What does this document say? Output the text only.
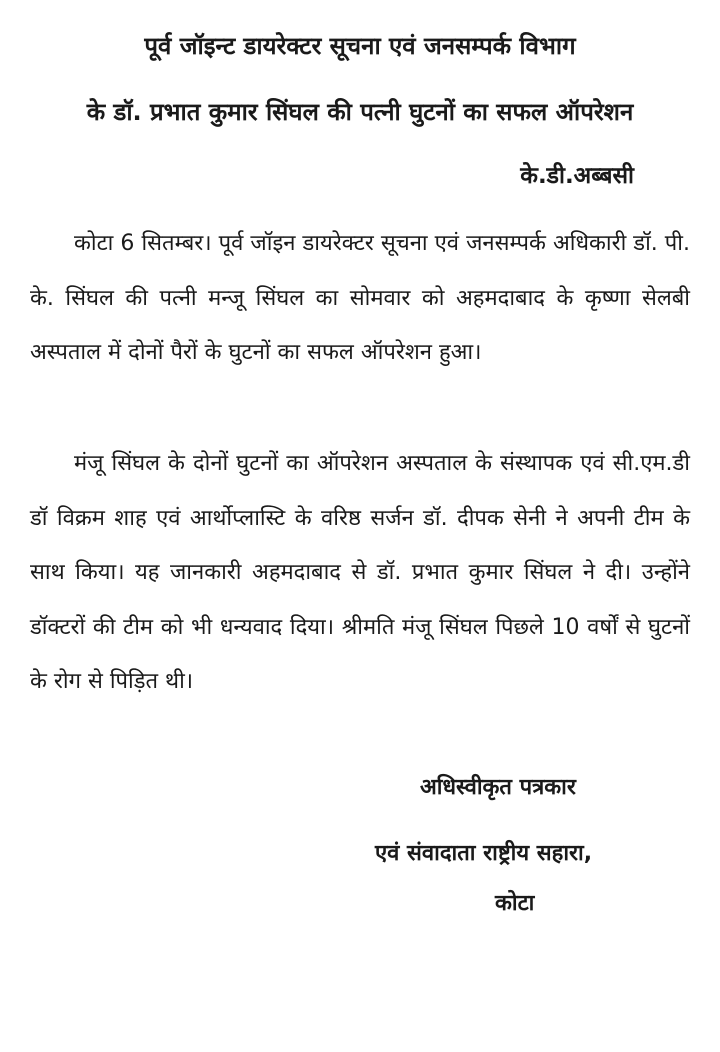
पूर्व जॉइन्ट डायरेक्टर सूचना एवं जनसम्पर्क विभाग
के डॉ. प्रभात कुमार सिंघल की पत्नी घुटनों का सफल ऑपरेशन
के.डी.अब्बसी

कोटा 6 सितम्बर। पूर्व जॉइन डायरेक्टर सूचना एवं जनसम्पर्क अधिकारी डॉ. पी. के. सिंघल की पत्नी मन्जू सिंघल का सोमवार को अहमदाबाद के कृष्णा सेलबी अस्पताल में दोनों पैरों के घुटनों का सफल ऑपरेशन हुआ।

मंजू सिंघल के दोनों घुटनों का ऑपरेशन अस्पताल के संस्थापक एवं सी.एम.डी डॉ विक्रम शाह एवं आर्थोप्लास्टि के वरिष्ठ सर्जन डॉ. दीपक सेनी ने अपनी टीम के साथ किया। यह जानकारी अहमदाबाद से डॉ. प्रभात कुमार सिंघल ने दी। उन्होंने डॉक्टरों की टीम को भी धन्यवाद दिया। श्रीमति मंजू सिंघल पिछले 10 वर्षों से घुटनों के रोग से पिड़ित थी।

अधिस्वीकृत पत्रकार
एवं संवादाता राष्ट्रीय सहारा,
कोटा
